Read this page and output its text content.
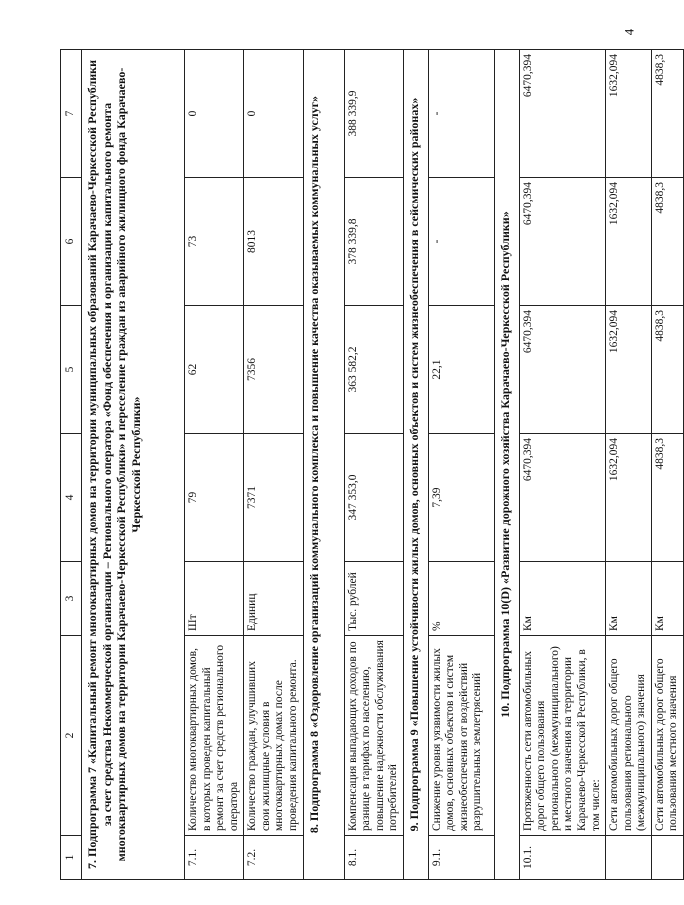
4
1	2	3	4	5	6	7
7. Подпрограмма 7 «Капитальный ремонт многоквартирных домов на территории муниципальных образований Карачаево-Черкесской Республики за счет средства Некоммерческой организации – Регионального оператора «Фонд обеспечения и организации капитального ремонта многоквартирных домов на территории Карачаево-Черкесской Республики» и переселение граждан из аварийного жилищного фонда Карачаево-Черкесской Республики»						
7.1.	Количество многоквартирных домов, в которых проведен капитальный ремонт за счет средств регионального оператора	Шт	79	62	73	0
7.2.	Количество граждан, улучшивших свои жилищные условия в многоквартирных домах после проведения капитального ремонта.	Единиц	7371	7356	8013	0
8. Подпрограмма 8 «Оздоровление организаций коммунального комплекса и повышение качества оказываемых коммунальных услуг»						
8.1.	Компенсация выпадающих доходов по разнице в тарифах по населению, повышение надежности обслуживания потребителей	Тыс. рублей	347 353,0	363 582,2	378 339,8	388 339,9
9. Подпрограмма 9 «Повышение устойчивости жилых домов, основных объектов и систем жизнеобеспечения в сейсмических районах»						
9.1.	Снижение уровня уязвимости жилых домов, основных объектов и систем жизнеобеспечения от воздействий разрушительных землетрясений	%	7,39	22,1	-	-
10. Подпрограмма 10(D) «Развитие дорожного хозяйства Карачаево-Черкесской Республики»						
10.1.	Протяженность сети автомобильных дорог общего пользования регионального (межмуниципального) и местного значения на территории Карачаево-Черкесской Республики, в том числе:	Км	6470,394	6470,394	6470,394	6470,394
	Сети автомобильных дорог общего пользования регионального (межмуниципального) значения	Км	1632,094	1632,094	1632,094	1632,094
	Сети автомобильных дорог общего пользования местного значения	Км	4838,3	4838,3	4838,3	4838,3
